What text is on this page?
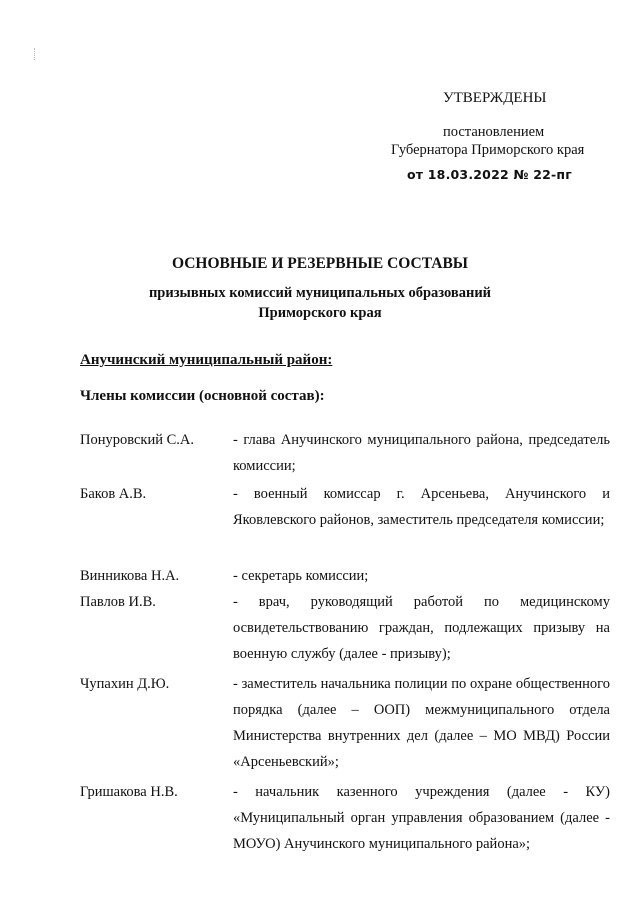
УТВЕРЖДЕНЫ
постановлением
Губернатора Приморского края
от 18.03.2022 № 22-пг
ОСНОВНЫЕ И РЕЗЕРВНЫЕ СОСТАВЫ
призывных комиссий муниципальных образований
Приморского края
Анучинский муниципальный район:
Члены комиссии (основной состав):
Понуровский С.А.	- глава Анучинского муниципального района, председатель комиссии;
Баков А.В.	- военный комиссар г. Арсеньева, Анучинского и Яковлевского районов, заместитель председателя комиссии;
Винникова Н.А.	- секретарь комиссии;
Павлов И.В.	- врач, руководящий работой по медицинскому освидетельствованию граждан, подлежащих призыву на военную службу (далее - призыву);
Чупахин Д.Ю.	- заместитель начальника полиции по охране общественного порядка (далее – ООП) межмуниципального отдела Министерства внутренних дел (далее – МО МВД) России «Арсеньевский»;
Гришакова Н.В.	- начальник казенного учреждения (далее - КУ) «Муниципальный орган управления образованием (далее - МОУО) Анучинского муниципального района»;
